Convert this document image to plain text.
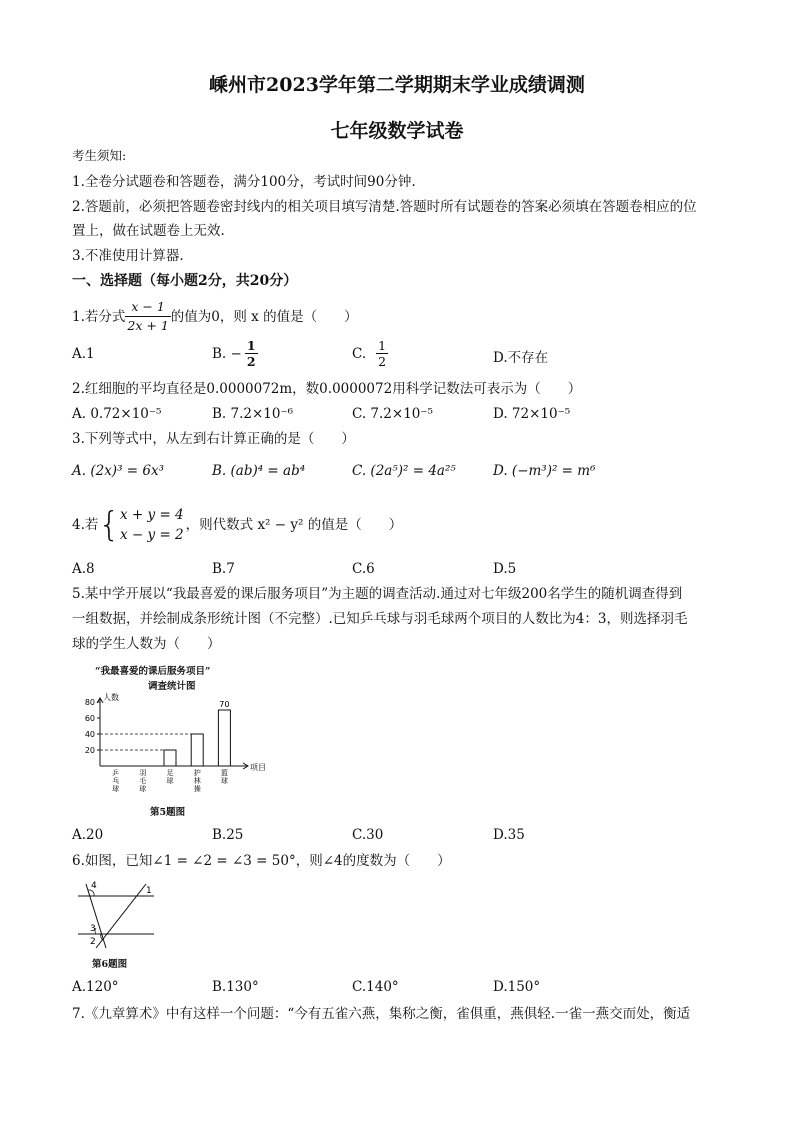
嵊州市2023学年第二学期期末学业成绩调测
七年级数学试卷
考生须知:
1.全卷分试题卷和答题卷，满分100分，考试时间90分钟.
2.答题前，必须把答题卷密封线内的相关项目填写清楚.答题时所有试题卷的答案必须填在答题卷相应的位
置上，做在试题卷上无效.
3.不准使用计算器.
一、选择题（每小题2分，共20分）
1.若分式 $\frac{x - 1}{2x + 1}$ 的值为0，则 x 的值是（　　）
A.1	B. − $\frac{1}{2}$	C. $\frac{1}{2}$	D.不存在
2.红细胞的平均直径是0.0000072m，数0.0000072用科学记数法可表示为（　　）
A. 0.72×10⁻⁵	B. 7.2×10⁻⁶	C. 7.2×10⁻⁵	D. 72×10⁻⁵
3.下列等式中，从左到右计算正确的是（　　）
A. (2x)³ = 6x³	B. (ab)⁴ = ab⁴	C. (2a⁵)² = 4a²⁵	D. (−m³)² = m⁶
4.若 { x + y = 4
x − y = 2
，则代数式 x² − y² 的值是（　　）
A.8	B.7	C.6	D.5
5.某中学开展以“我最喜爱的课后服务项目”为主题的调查活动.通过对七年级200名学生的随机调查得到
一组数据，并绘制成条形统计图（不完整）.已知乒乓球与羽毛球两个项目的人数比为4：3，则选择羽毛
球的学生人数为（　　）
“我最喜爱的课后服务项目”
调查统计图
人数
项目
20
40
60
80
乒
乓
球
羽
毛
球
足
球
护
林
操
篮
球
70
第5题图
A.20	B.25	C.30	D.35
6.如图，已知∠1 = ∠2 = ∠3 = 50°，则∠4的度数为（　　）
4	1
3
2
第6题图
A.120°	B.130°	C.140°	D.150°
7.《九章算术》中有这样一个问题：“今有五雀六燕，集称之衡，雀俱重，燕俱轻.一雀一燕交而处，衡适
